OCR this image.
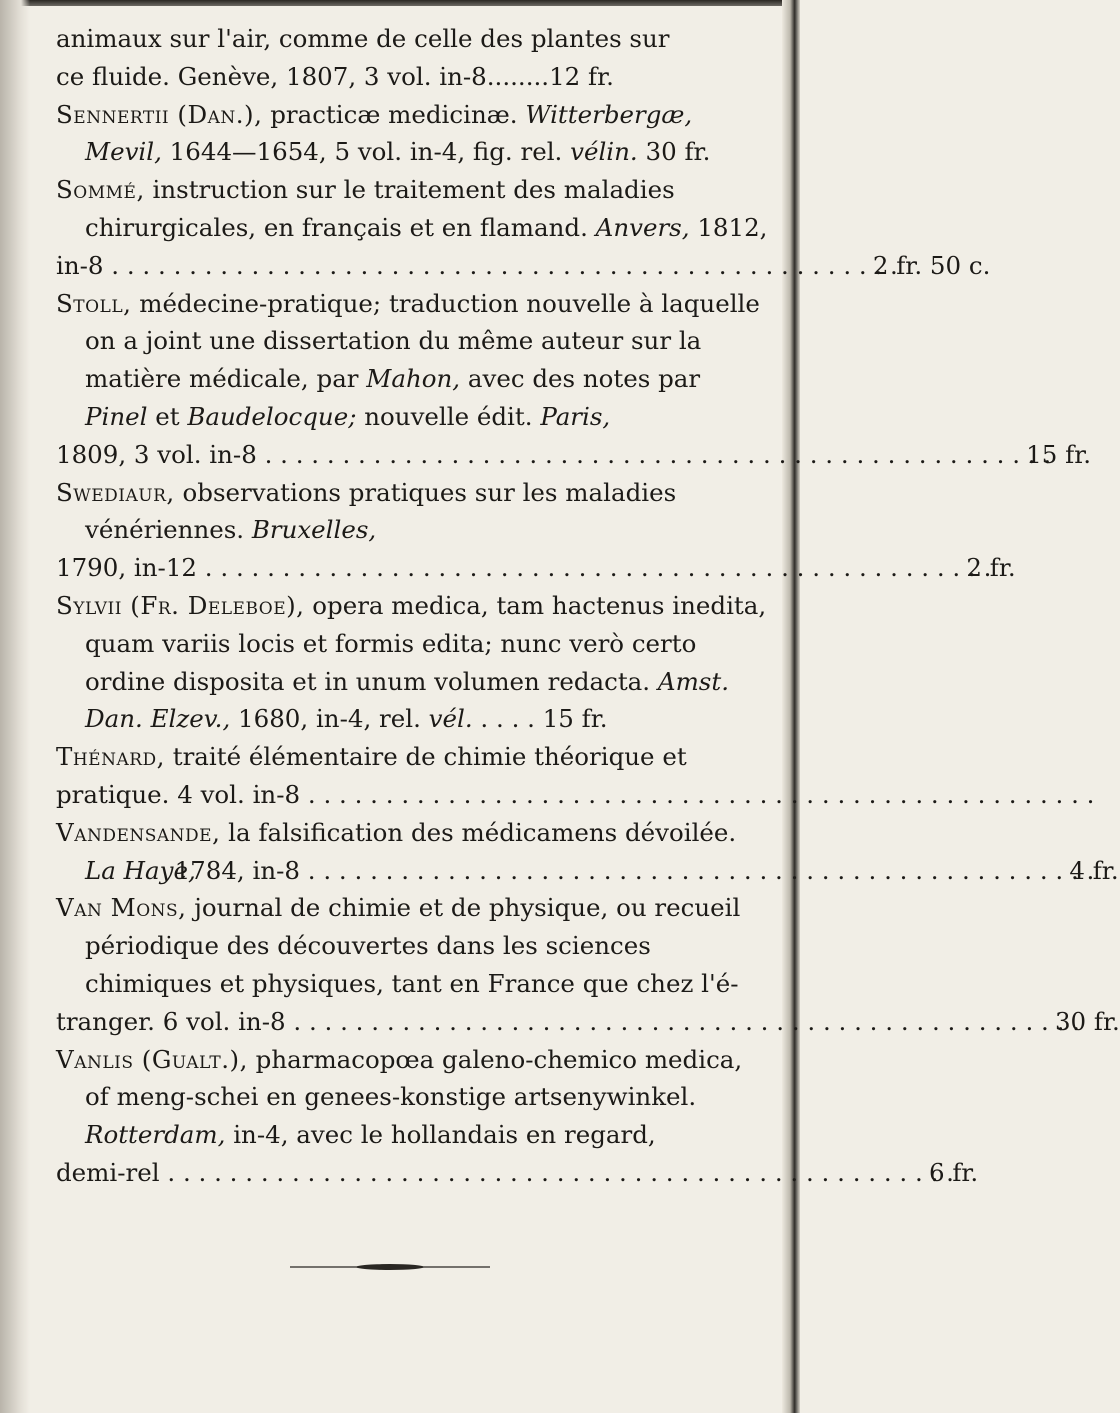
animaux sur l'air, comme de celle des plantes sur
ce fluide. Genève, 1807, 3 vol. in-8........12 fr.

Sennertii (Dan.), practicæ medicinæ. Witterbergæ, Mevil, 1644—1654, 5 vol. in-4, fig. rel. vélin. 30 fr.

Sommé, instruction sur le traitement des maladies chirurgicales, en français et en flamand. Anvers, 1812,
in-8 . . .	2 fr. 50 c.
Stoll, médecine-pratique; traduction nouvelle à laquelle on a joint une dissertation du même auteur sur la matière médicale, par Mahon, avec des notes par Pinel et Baudelocque; nouvelle édit. Paris,
1809, 3 vol. in-8 . . .	15 fr.
Swediaur, observations pratiques sur les maladies vénériennes. Bruxelles,
1790, in-12 . . .	2 fr.

Sylvii (Fr. Deleboe), opera medica, tam hactenus inedita, quam variis locis et formis edita; nunc verò certo ordine disposita et in unum volumen redacta. Amst. Dan. Elzev., 1680, in-4, rel. vél. . . . . 15 fr.

Thénard, traité élémentaire de chimie théorique et
pratique. 4 vol. in-8 . . .
Vandensande, la falsification des médicamens dévoilée. La Haye,
1784, in-8 . . .	4 fr.
Van Mons, journal de chimie et de physique, ou recueil périodique des découvertes dans les sciences chimiques et physiques, tant en France que chez l'é-
tranger. 6 vol. in-8 . . .	30 fr.
Vanlis (Gualt.), pharmacopœa galeno-chemico medica, of meng-schei en genees-konstige artsenywinkel. Rotterdam, in-4, avec le hollandais en regard,
demi-rel . . .	6 fr.
